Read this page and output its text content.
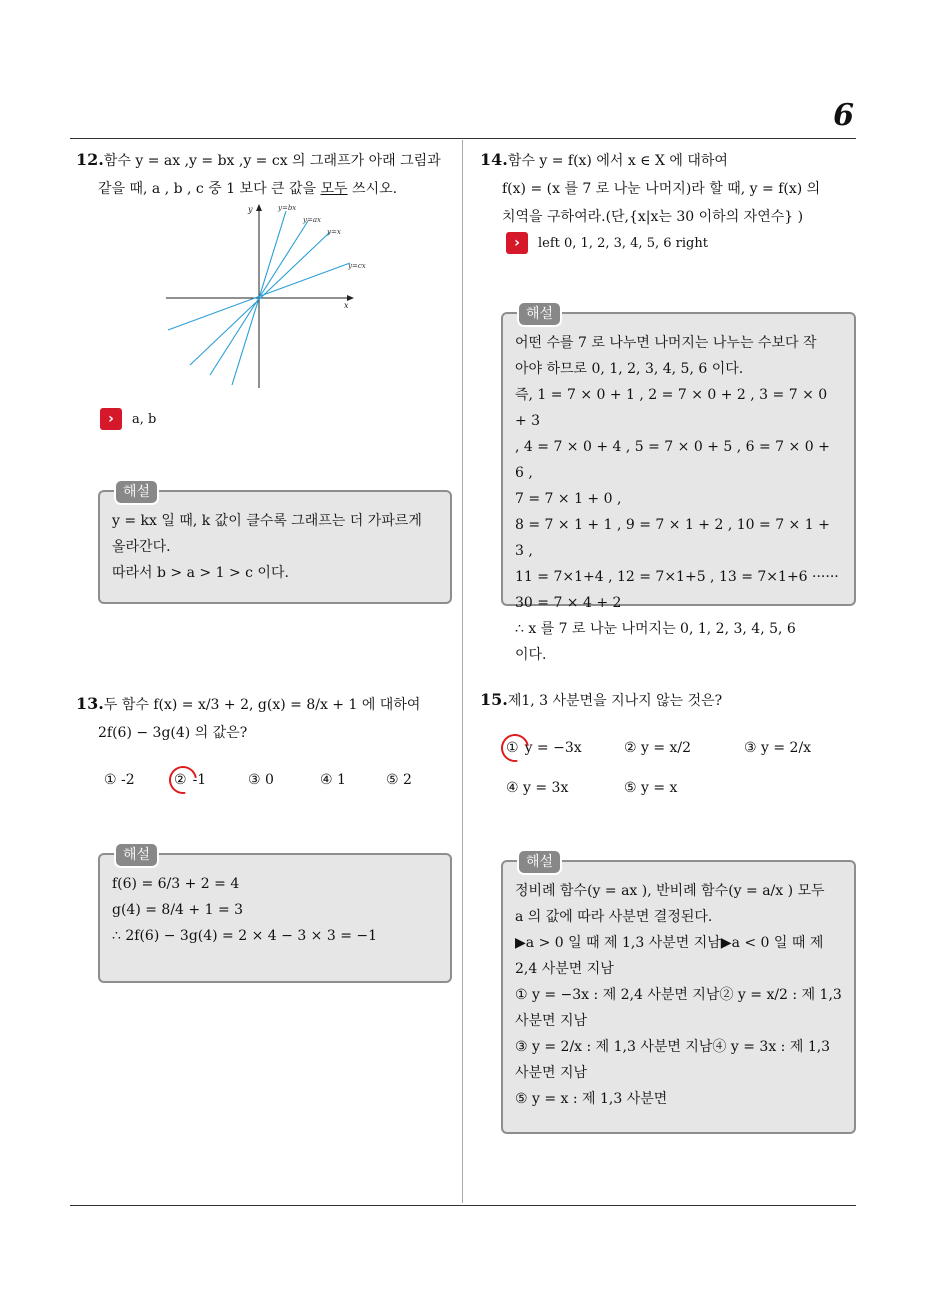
6
12.함수 y = ax ,y = bx ,y = cx 의 그래프가 아래 그림과
같을 때, a , b , c 중 1 보다 큰 값을 모두 쓰시오.
y
x
y=bx
y=ax
y=x
y=cx
›	a, b
해설
y = kx 일 때, k 값이 클수록 그래프는 더 가파르게
올라간다.
따라서 b > a > 1 > c 이다.
13.두 함수 f(x) = x/3 + 2, g(x) = 8/x + 1 에 대하여
2f(6) − 3g(4) 의 값은?
① -2	② -1	③ 0	④ 1	⑤ 2
해설
f(6) = 6/3 + 2 = 4
g(4) = 8/4 + 1 = 3
∴ 2f(6) − 3g(4) = 2 × 4 − 3 × 3 = −1
14.함수 y = f(x) 에서 x ∈ X 에 대하여
f(x) = (x 를 7 로 나눈 나머지)라 할 때, y = f(x) 의
치역을 구하여라.(단,{x|x는 30 이하의 자연수} )
›	left 0, 1, 2, 3, 4, 5, 6 right
해설
어떤 수를 7 로 나누면 나머지는 나누는 수보다 작
아야 하므로 0, 1, 2, 3, 4, 5, 6 이다.
즉, 1 = 7 × 0 + 1 , 2 = 7 × 0 + 2 , 3 = 7 × 0 + 3
, 4 = 7 × 0 + 4 , 5 = 7 × 0 + 5 , 6 = 7 × 0 + 6 ,
7 = 7 × 1 + 0 ,
8 = 7 × 1 + 1 , 9 = 7 × 1 + 2 , 10 = 7 × 1 + 3 ,
11 = 7×1+4 , 12 = 7×1+5 , 13 = 7×1+6 ······
30 = 7 × 4 + 2
∴ x 를 7 로 나눈 나머지는 0, 1, 2, 3, 4, 5, 6
이다.
15.제1, 3 사분면을 지나지 않는 것은?
① y = −3x	② y = x/2	③ y = 2/x
④ y = 3x	⑤ y = x
해설
정비례 함수(y = ax ), 반비례 함수(y = a/x ) 모두
a 의 값에 따라 사분면 결정된다.
▶a > 0 일 때 제 1,3 사분면 지남▶a < 0 일 때 제
2,4 사분면 지남
① y = −3x : 제 2,4 사분면 지남② y = x/2 : 제 1,3
사분면 지남
③ y = 2/x : 제 1,3 사분면 지남④ y = 3x : 제 1,3
사분면 지남
⑤ y = x : 제 1,3 사분면
